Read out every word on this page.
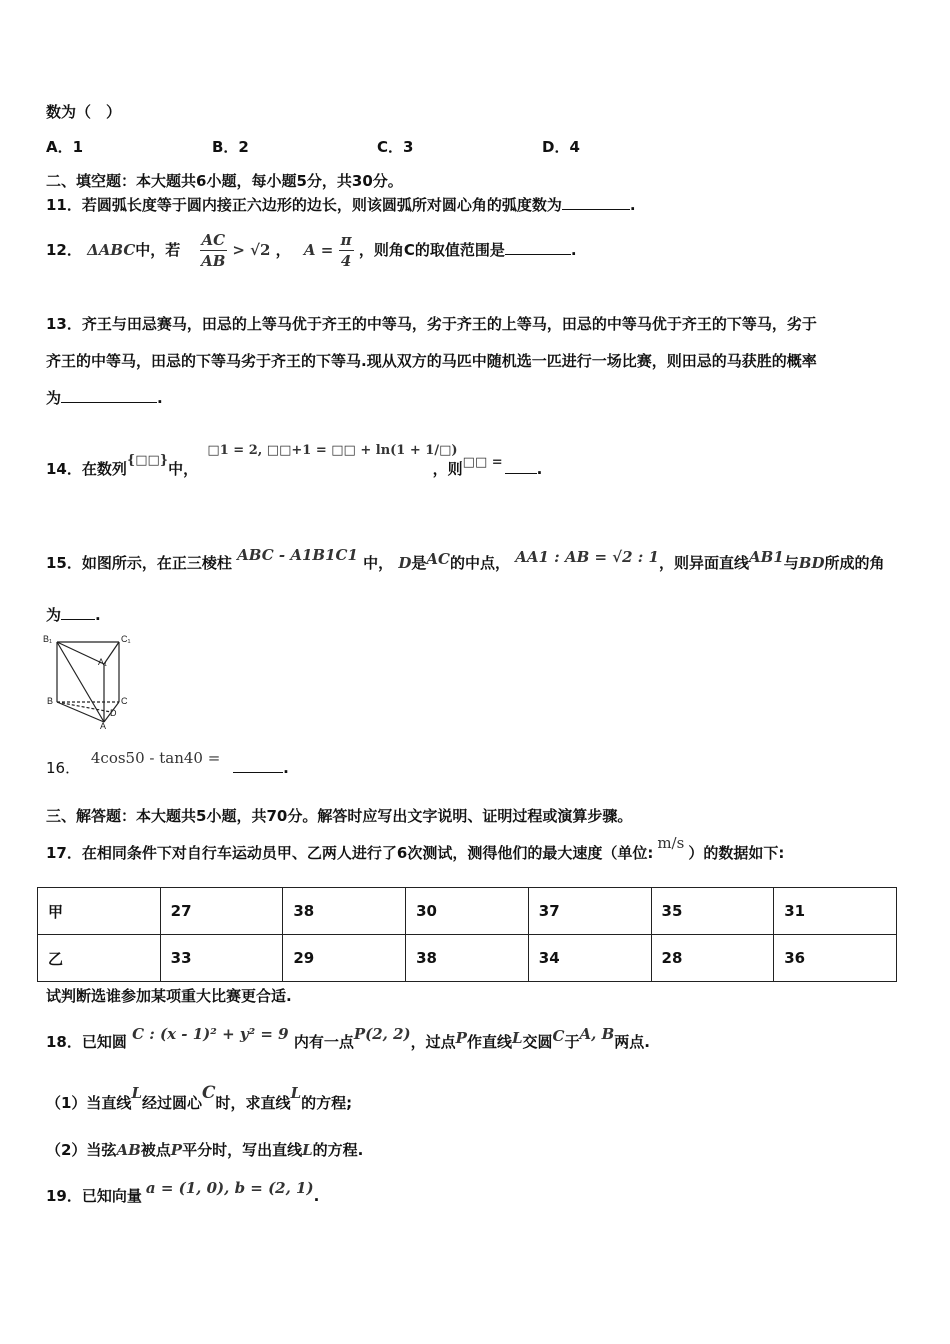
数为（　）
A．1	B．2	C．3	D．4
二、填空题：本大题共6小题，每小题5分，共30分。
11．若圆弧长度等于圆内接正六边形的边长，则该圆弧所对圆心角的弧度数为	.
12． ΔABC中，若 $\frac{AC}{AB} > √2$ ， $A = \frac{\pi}{4}$ ，则角C的取值范围是	.
13．齐王与田忌赛马，田忌的上等马优于齐王的中等马，劣于齐王的上等马，田忌的中等马优于齐王的下等马，劣于
齐王的中等马，田忌的下等马劣于齐王的下等马.现从双方的马匹中随机选一匹进行一场比赛，则田忌的马获胜的概率
为	.
14．在数列{□□}中， □1 = 2, □□+1 = □□ + ln(1 + 1/□) ，则□□ = .
15．如图所示，在正三棱柱 ABC - A1B1C1 中， D是AC的中点， AA1 : AB = √2 : 1，则异面直线AB1与BD所成的角
为 .
B₁	C₁
A₁
B	C
D
A
16． 4cos50 - tan40 = .
三、解答题：本大题共5小题，共70分。解答时应写出文字说明、证明过程或演算步骤。
17．在相同条件下对自行车运动员甲、乙两人进行了6次测试，测得他们的最大速度（单位:m/s）的数据如下:
甲	27	38	30	37	35	31
乙	33	29	38	34	28	36
试判断选谁参加某项重大比赛更合适.
18．已知圆 C : (x - 1)² + y² = 9 内有一点P(2, 2)，过点P作直线L交圆C于A, B两点.
（1）当直线L经过圆心C时，求直线L的方程;
（2）当弦AB被点P平分时，写出直线L的方程.
19．已知向量 a = (1, 0), b = (2, 1).
